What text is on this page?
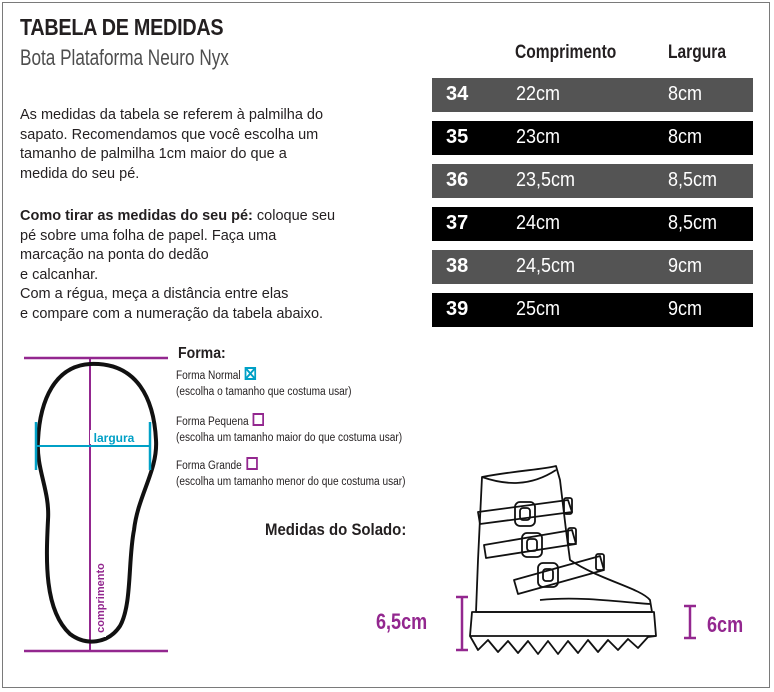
TABELA DE MEDIDAS
Bota Plataforma Neuro Nyx
As medidas da tabela se referem à palmilha do
sapato. Recomendamos que você escolha um
tamanho de palmilha 1cm maior do que a
medida do seu pé.
Como tirar as medidas do seu pé: coloque seu
pé sobre uma folha de papel. Faça uma
marcação na ponta do dedão
e calcanhar.
Com a régua, meça a distância entre elas
e compare com a numeração da tabela abaixo.
Comprimento	Largura
34 22cm	8cm
35 23cm	8cm
36 23,5cm	8,5cm
37 24cm	8,5cm
38 24,5cm	9cm
39 25cm	9cm
largura
comprimento
Forma:
Forma Normal
(escolha o tamanho que costuma usar)
Forma Pequena
(escolha um tamanho maior do que costuma usar)
Forma Grande
(escolha um tamanho menor do que costuma usar)
Medidas do Solado:
6,5cm	6cm
